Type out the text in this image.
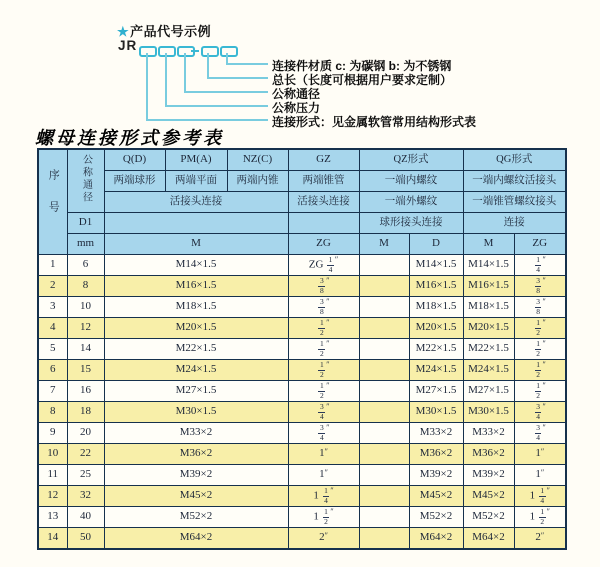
★产品代号示例
JR
连接件材质 c: 为碳钢 b: 为不锈钢
总长（长度可根据用户要求定制）
公称通径
公称压力
连接形式：见金属软管常用结构形式表
螺母连接形式参考表
序号	公称通径	Q(D)	PM(A)	NZ(C)	GZ	QZ形式		QG形式	
		两端球形	两端平面	两端内锥	两端锥管	一端内螺纹		一端内螺纹活接头	
		活接头连接			活接头连接	一端外螺纹		一端锥管螺纹接头	
	D1					球形接头连接		连接	
	mm	M			ZG	M	D	M	ZG
1	6	M14×1.5			ZG $\frac{1}{4} ''$		M14×1.5	M14×1.5	$\frac{1}{4} ''$
2	8	M16×1.5			$\frac{3}{8} ''$		M16×1.5	M16×1.5	$\frac{3}{8} ''$
3	10	M18×1.5			$\frac{3}{8} ''$		M18×1.5	M18×1.5	$\frac{3}{8} ''$
4	12	M20×1.5			$\frac{1}{2} ''$		M20×1.5	M20×1.5	$\frac{1}{2} ''$
5	14	M22×1.5			$\frac{1}{2} ''$		M22×1.5	M22×1.5	$\frac{1}{2} ''$
6	15	M24×1.5			$\frac{1}{2} ''$		M24×1.5	M24×1.5	$\frac{1}{2} ''$
7	16	M27×1.5			$\frac{1}{2} ''$		M27×1.5	M27×1.5	$\frac{1}{2} ''$
8	18	M30×1.5			$\frac{3}{4} ''$		M30×1.5	M30×1.5	$\frac{3}{4} ''$
9	20	M33×2			$\frac{3}{4} ''$		M33×2	M33×2	$\frac{3}{4} ''$
10	22	M36×2			1″		M36×2	M36×2	1″
11	25	M39×2			1″		M39×2	M39×2	1″
12	32	M45×2			$1 \frac{1}{4} ''$		M45×2	M45×2	$1 \frac{1}{4} ''$
13	40	M52×2			$1 \frac{1}{2} ''$		M52×2	M52×2	$1 \frac{1}{2} ''$
14	50	M64×2			2″		M64×2	M64×2	2″
